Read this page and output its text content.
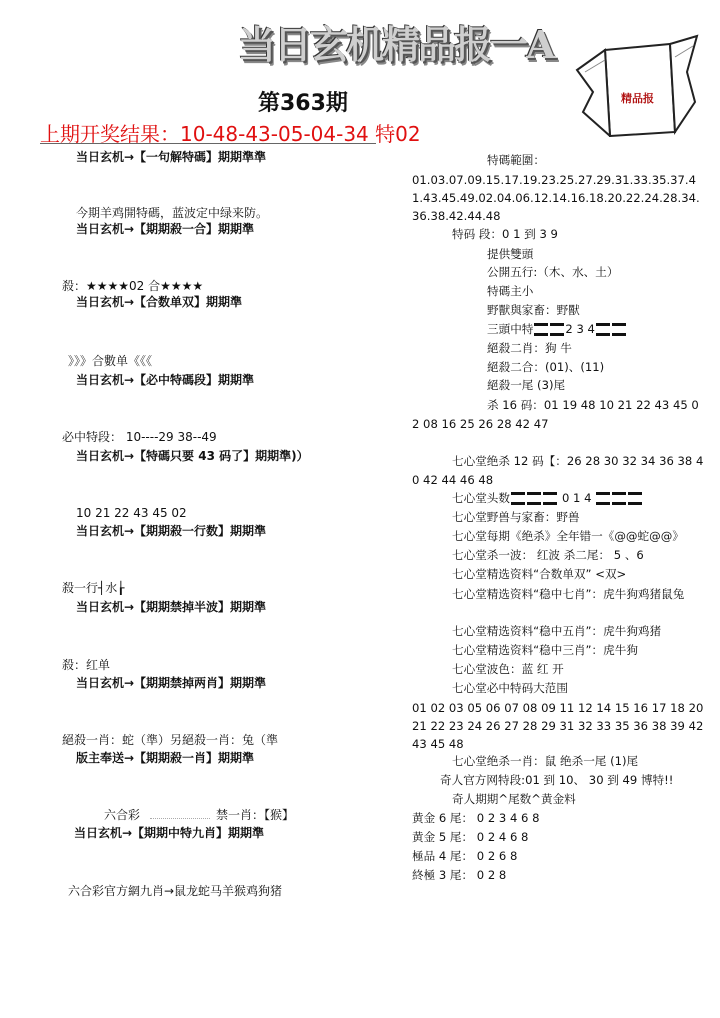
当日玄机精品报一A
精品报
第363期
上期开奖结果：10-48-43-05-04-34 特02
当日玄机→【一句解特碼】期期準準
今期羊鸡開特碼，蓝波定中绿来防。
当日玄机→【期期殺一合】期期準
殺：★★★★02 合★★★★
当日玄机→【合数单双】期期準
》》》合數单《《《
当日玄机→【必中特碼段】期期準
必中特段： 10----29 38--49
当日玄机→【特碼只要 43 码了】期期準)）
10 21 22 43 45 02
当日玄机→【期期殺一行数】期期準
殺一行┤水┟
当日玄机→【期期禁掉半波】期期準
殺：红单
当日玄机→【期期禁掉两肖】期期準
絕殺一肖：蛇（準）另絕殺一肖：兔（準
版主奉送→【期期殺一肖】期期準
六合彩	禁一肖：【猴】
当日玄机→【期期中特九肖】期期準
六合彩官方網九肖→鼠龙蛇马羊猴鸡狗猪
特碼範圍：
01.03.07.09.15.17.19.23.25.27.29.31.33.35.37.41.43.45.49.02.04.06.12.14.16.18.20.22.24.28.34.36.38.42.44.48
特码 段：0 1 到 3 9
提供雙頭
公開五行:（木、水、土）
特碼主小
野獸與家畜：野獸
三頭中特	2 3 4
絕殺二肖：狗 牛
絕殺二合：(01)、(11)
絕殺一尾 (3)尾
杀 16 码：01 19 48 10 21 22 43 45 02 08 16 25 26 28 42 47
七心堂绝杀 12 码【：26 28 30 32 34 36 38 40 42 44 46 48
七心堂头数	0 1 4
七心堂野兽与家畜：野兽
七心堂每期《绝杀》全年错一《@@蛇@@》
七心堂杀一波： 红波 杀二尾： 5 、6
七心堂精选资料“合数单双” <双>
七心堂精选资料“稳中七肖”：虎牛狗鸡猪鼠兔
七心堂精选资料“稳中五肖”：虎牛狗鸡猪
七心堂精选资料“稳中三肖”：虎牛狗
七心堂波色：蓝 红 开
七心堂必中特码大范围
01 02 03 05 06 07 08 09 11 12 14 15 16 17 18 20 21 22 23 24 26 27 28 29 31 32 33 35 36 38 39 42 43 45 48
七心堂绝杀一肖：鼠 绝杀一尾 (1)尾
奇人官方网特段:01 到 10、 30 到 49 博特!!
奇人期期^尾数^黄金料
黄金 6 尾： 0 2 3 4 6 8
黄金 5 尾： 0 2 4 6 8
極品 4 尾： 0 2 6 8
終極 3 尾： 0 2 8
